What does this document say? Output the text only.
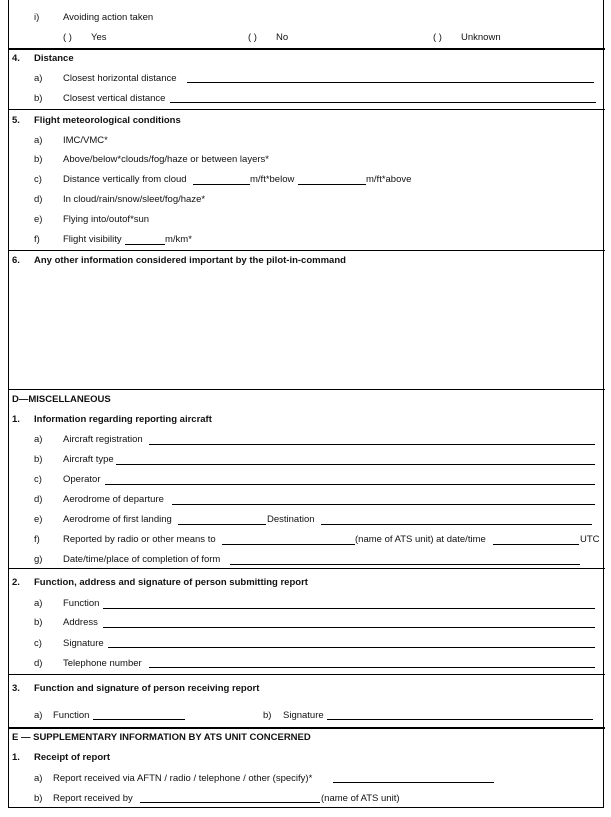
i) Avoiding action taken
( ) Yes	( ) No	( ) Unknown
4. Distance
a) Closest horizontal distance
b) Closest vertical distance
5. Flight meteorological conditions
a) IMC/VMC*
b) Above/below*clouds/fog/haze or between layers*
c) Distance vertically from cloud	m/ft*below	m/ft*above
d) In cloud/rain/snow/sleet/fog/haze*
e) Flying into/outof*sun
f) Flight visibility	m/km*
6. Any other information considered important by the pilot-in-command
D—MISCELLANEOUS
1. Information regarding reporting aircraft
a) Aircraft registration
b) Aircraft type
c) Operator
d) Aerodrome of departure
e) Aerodrome of first landing	Destination
f) Reported by radio or other means to	(name of ATS unit) at date/time	UTC
g) Date/time/place of completion of form
2. Function, address and signature of person submitting report
a) Function
b) Address
c) Signature
d) Telephone number
3. Function and signature of person receiving report
a) Function	b) Signature
E — SUPPLEMENTARY INFORMATION BY ATS UNIT CONCERNED
1. Receipt of report
a) Report received via AFTN / radio / telephone / other (specify)*
b) Report received by	(name of ATS unit)
